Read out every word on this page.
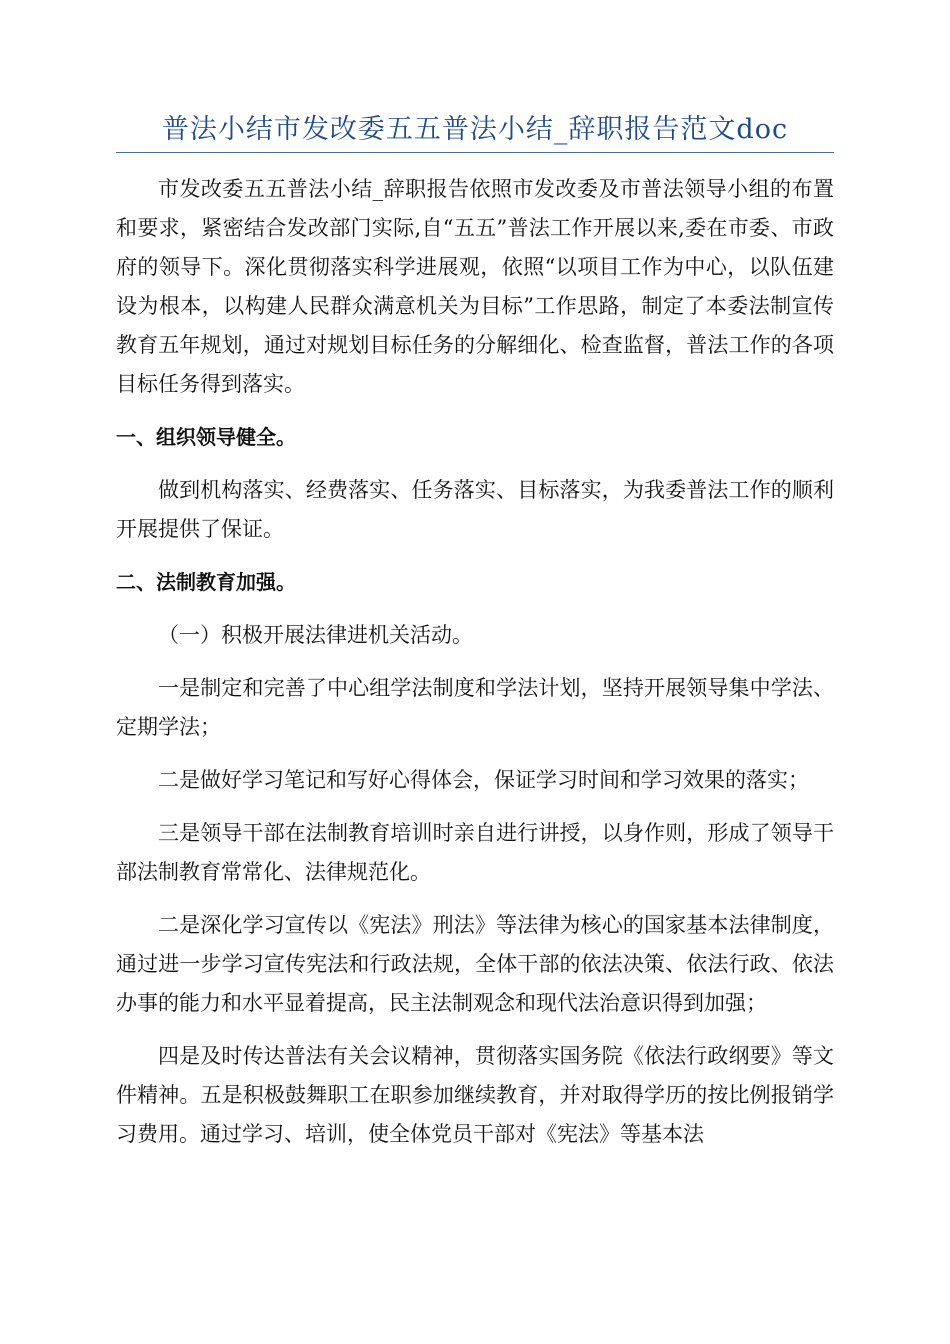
普法小结市发改委五五普法小结_辞职报告范文doc

市发改委五五普法小结_辞职报告依照市发改委及市普法领导小组的布置和要求，紧密结合发改部门实际,自“五五”普法工作开展以来,委在市委、市政府的领导下。深化贯彻落实科学进展观，依照“以项目工作为中心，以队伍建设为根本，以构建人民群众满意机关为目标”工作思路，制定了本委法制宣传教育五年规划，通过对规划目标任务的分解细化、检查监督，普法工作的各项目标任务得到落实。

一、组织领导健全。

做到机构落实、经费落实、任务落实、目标落实，为我委普法工作的顺利开展提供了保证。

二、法制教育加强。

（一）积极开展法律进机关活动。

一是制定和完善了中心组学法制度和学法计划，坚持开展领导集中学法、定期学法；

二是做好学习笔记和写好心得体会，保证学习时间和学习效果的落实；

三是领导干部在法制教育培训时亲自进行讲授，以身作则，形成了领导干部法制教育常常化、法律规范化。

二是深化学习宣传以《宪法》刑法》等法律为核心的国家基本法律制度，通过进一步学习宣传宪法和行政法规，全体干部的依法决策、依法行政、依法办事的能力和水平显着提高，民主法制观念和现代法治意识得到加强；

四是及时传达普法有关会议精神，贯彻落实国务院《依法行政纲要》等文件精神。五是积极鼓舞职工在职参加继续教育，并对取得学历的按比例报销学习费用。通过学习、培训，使全体党员干部对《宪法》等基本法
